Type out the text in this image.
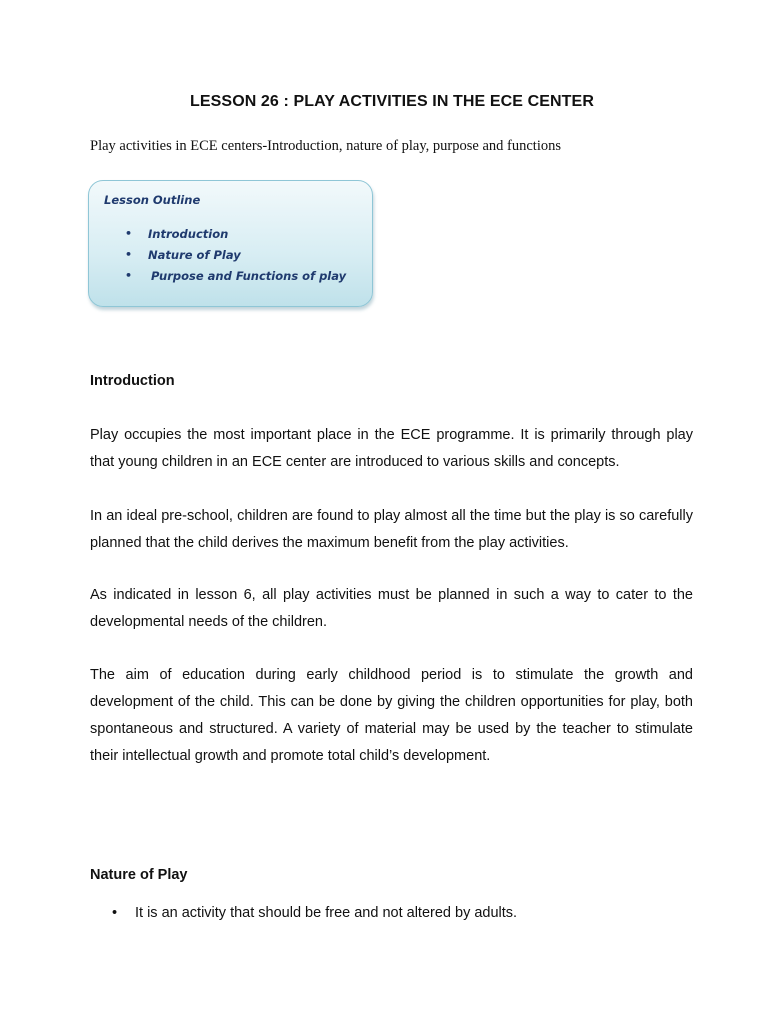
LESSON 26 : PLAY ACTIVITIES IN THE ECE CENTER
Play activities in ECE centers-Introduction, nature of play, purpose and functions
Lesson Outline
• Introduction
• Nature of Play
• Purpose and Functions of play
Introduction

Play occupies the most important place in the ECE programme. It is primarily through play that young children in an ECE center are introduced to various skills and concepts.

In an ideal pre-school, children are found to play almost all the time but the play is so carefully planned that the child derives the maximum benefit from the play activities.

As indicated in lesson 6, all play activities must be planned in such a way to cater to the developmental needs of the children.

The aim of education during early childhood period is to stimulate the growth and development of the child. This can be done by giving the children opportunities for play, both spontaneous and structured. A variety of material may be used by the teacher to stimulate their intellectual growth and promote total child’s development.

Nature of Play
• It is an activity that should be free and not altered by adults.
